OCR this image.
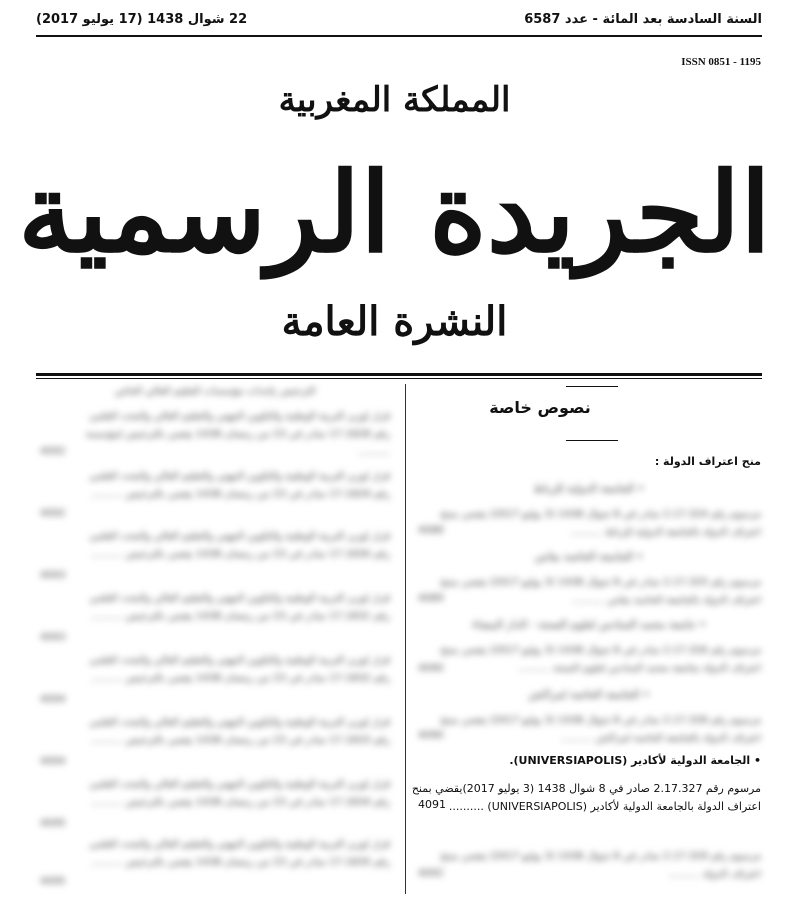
السنة السادسة بعد المائة - عدد 6587
22 شوال 1438 (17 يوليو 2017)
ISSN 0851 - 1195
المملكة المغربية
الجريدة الرسمية
النشرة العامة
نصوص خاصة
منح اعتراف الدولة :
• الجامعة الدولية للرباط
مرسوم رقم 2.17.324 صادر في 8 شوال 1438 (3 يوليو 2017) يقضي بمنح اعتراف الدولة بالجامعة الدولية للرباط ..........
4088
• الجامعة الخاصة بفاس
مرسوم رقم 2.17.325 صادر في 8 شوال 1438 (3 يوليو 2017) يقضي بمنح اعتراف الدولة بالجامعة الخاصة بفاس ..........
4089
• جامعة محمد السادس لعلوم الصحة - الدار البيضاء
مرسوم رقم 2.17.326 صادر في 8 شوال 1438 (3 يوليو 2017) يقضي بمنح اعتراف الدولة بجامعة محمد السادس لعلوم الصحة ..........
4090
• الجامعة الخاصة لمراكش
مرسوم رقم 2.17.328 صادر في 8 شوال 1438 (3 يوليو 2017) يقضي بمنح اعتراف الدولة بالجامعة الخاصة لمراكش ..........
4090
• الجامعة الدولية لأكادير (UNIVERSIAPOLIS).
مرسوم رقم 2.17.327 صادر في 8 شوال 1438 (3 يوليو 2017)يقضي بمنح اعتراف الدولة بالجامعة الدولية لأكادير (UNIVERSIAPOLIS) ..........
4091
مرسوم رقم 2.17.329 صادر في 8 شوال 1438 (3 يوليو 2017) يقضي بمنح اعتراف الدولة ..........
4092
الترخيص بإحداث مؤسسات التعليم العالي الخاص
قرار لوزير التربية الوطنية والتكوين المهني والتعليم العالي والبحث العلمي رقم 17.1828 صادر في 23 من رمضان 1438 يقضي بالترخيص لمؤسسة ..........
4092
قرار لوزير التربية الوطنية والتكوين المهني والتعليم العالي والبحث العلمي رقم 17.1829 صادر في 23 من رمضان 1438 يقضي بالترخيص ..........
4092
قرار لوزير التربية الوطنية والتكوين المهني والتعليم العالي والبحث العلمي رقم 17.1830 صادر في 23 من رمضان 1438 يقضي بالترخيص ..........
4093
قرار لوزير التربية الوطنية والتكوين المهني والتعليم العالي والبحث العلمي رقم 17.1831 صادر في 23 من رمضان 1438 يقضي بالترخيص ..........
4093
قرار لوزير التربية الوطنية والتكوين المهني والتعليم العالي والبحث العلمي رقم 17.1832 صادر في 23 من رمضان 1438 يقضي بالترخيص ..........
4094
قرار لوزير التربية الوطنية والتكوين المهني والتعليم العالي والبحث العلمي رقم 17.1833 صادر في 23 من رمضان 1438 يقضي بالترخيص ..........
4094
قرار لوزير التربية الوطنية والتكوين المهني والتعليم العالي والبحث العلمي رقم 17.1834 صادر في 23 من رمضان 1438 يقضي بالترخيص ..........
4095
قرار لوزير التربية الوطنية والتكوين المهني والتعليم العالي والبحث العلمي رقم 17.1835 صادر في 23 من رمضان 1438 يقضي بالترخيص ..........
4095
